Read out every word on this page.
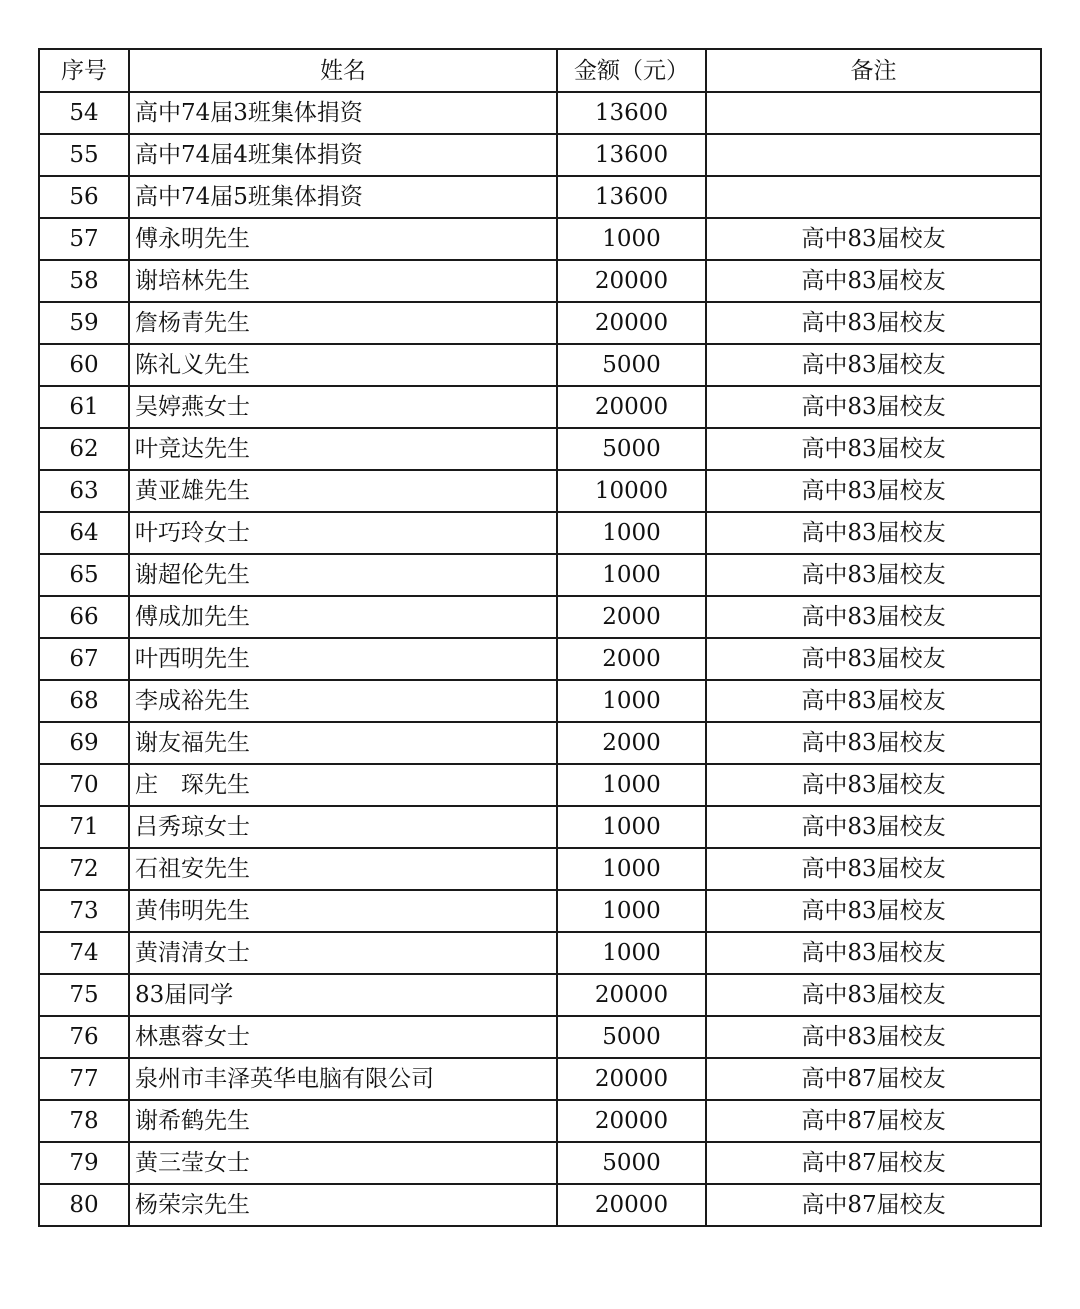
序号	姓名	金额（元）	备注
54	高中74届3班集体捐资	13600	
55	高中74届4班集体捐资	13600	
56	高中74届5班集体捐资	13600	
57	傅永明先生	1000	高中83届校友
58	谢培林先生	20000	高中83届校友
59	詹杨青先生	20000	高中83届校友
60	陈礼义先生	5000	高中83届校友
61	吴婷燕女士	20000	高中83届校友
62	叶竞达先生	5000	高中83届校友
63	黄亚雄先生	10000	高中83届校友
64	叶巧玲女士	1000	高中83届校友
65	谢超伦先生	1000	高中83届校友
66	傅成加先生	2000	高中83届校友
67	叶西明先生	2000	高中83届校友
68	李成裕先生	1000	高中83届校友
69	谢友福先生	2000	高中83届校友
70	庄　琛先生	1000	高中83届校友
71	吕秀琼女士	1000	高中83届校友
72	石祖安先生	1000	高中83届校友
73	黄伟明先生	1000	高中83届校友
74	黄清清女士	1000	高中83届校友
75	83届同学	20000	高中83届校友
76	林惠蓉女士	5000	高中83届校友
77	泉州市丰泽英华电脑有限公司	20000	高中87届校友
78	谢希鹤先生	20000	高中87届校友
79	黄三莹女士	5000	高中87届校友
80	杨荣宗先生	20000	高中87届校友
